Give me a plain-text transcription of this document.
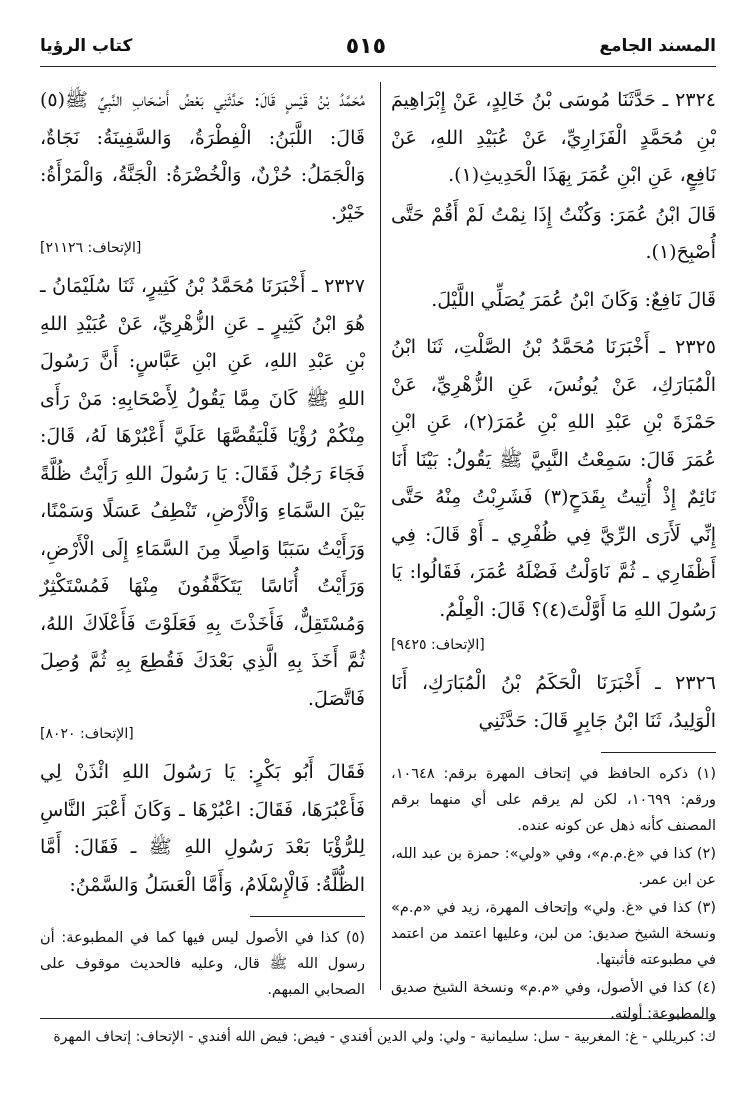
المسند الجامع
٥١٥
كتاب الرؤيا

٢٣٢٤ ـ حَدَّثَنَا مُوسَى بْنُ خَالِدٍ، عَنْ إِبْرَاهِيمَ بْنِ مُحَمَّدٍ الْفَزَارِيِّ، عَنْ عُبَيْدِ اللهِ، عَنْ نَافِعٍ، عَنِ ابْنِ عُمَرَ بِهَذَا الْحَدِيثِ(١).

قَالَ ابْنُ عُمَرَ: وَكُنْتُ إِذَا نِمْتُ لَمْ أَقُمْ حَتَّى أُصْبِحَ(١).

قَالَ نَافِعٌ: وَكَانَ ابْنُ عُمَرَ يُصَلِّي اللَّيْلَ.

٢٣٢٥ ـ أَخْبَرَنَا مُحَمَّدُ بْنُ الصَّلْتِ، ثَنَا ابْنُ الْمُبَارَكِ، عَنْ يُونُسَ، عَنِ الزُّهْرِيِّ، عَنْ حَمْزَةَ بْنِ عَبْدِ اللهِ بْنِ عُمَرَ(٢)، عَنِ ابْنِ عُمَرَ قَالَ: سَمِعْتُ النَّبِيَّ ﷺ يَقُولُ: بَيْنَا أَنَا نَائِمٌ إِذْ أُتِيتُ بِقَدَحٍ(٣) فَشَرِبْتُ مِنْهُ حَتَّى إِنِّي لَأَرَى الرِّيَّ فِي ظُفْرِي ـ أَوْ قَالَ: فِي أَظْفَارِي ـ ثُمَّ نَاوَلْتُ فَضْلَهُ عُمَرَ، فَقَالُوا: يَا رَسُولَ اللهِ مَا أَوَّلْتَ(٤)؟ قَالَ: الْعِلْمُ.

[الإتحاف: ٩٤٢٥]

٢٣٢٦ ـ أَخْبَرَنَا الْحَكَمُ بْنُ الْمُبَارَكِ، أَنَا الْوَلِيدُ، ثَنَا ابْنُ جَابِرٍ قَالَ: حَدَّثَنِي

(١) ذكره الحافظ في إتحاف المهرة برقم: ١٠٦٤٨، ورقم: ١٠٦٩٩، لكن لم يرقم على أي منهما برقم المصنف كأنه ذهل عن كونه عنده.

(٢) كذا في «غ.م.م»، وفي «ولي»: حمزة بن عبد الله، عن ابن عمر.

(٣) كذا في «غ. ولي» وإتحاف المهرة، زيد في «م.م» ونسخة الشيخ صديق: من لبن، وعليها اعتمد من اعتمد في مطبوعته فأثبتها.

(٤) كذا في الأصول، وفي «م.م» ونسخة الشيخ صديق والمطبوعة: أولته.

مُحَمَّدُ بْنُ قَيْسٍ قَالَ: حَدَّثَنِي بَعْضُ أَصْحَابِ النَّبِيِّ ﷺ(٥) قَالَ: اللَّبَنُ: الْفِطْرَةُ، وَالسَّفِينَةُ: نَجَاةٌ، وَالْجَمَلُ: حُزْنٌ، وَالْخُضْرَةُ: الْجَنَّةُ، وَالْمَرْأَةُ: خَيْرٌ.

[الإتحاف: ٢١١٢٦]

٢٣٢٧ ـ أَخْبَرَنَا مُحَمَّدُ بْنُ كَثِيرٍ، ثَنَا سُلَيْمَانُ ـ هُوَ ابْنُ كَثِيرٍ ـ عَنِ الزُّهْرِيِّ، عَنْ عُبَيْدِ اللهِ بْنِ عَبْدِ اللهِ، عَنِ ابْنِ عَبَّاسٍ: أَنَّ رَسُولَ اللهِ ﷺ كَانَ مِمَّا يَقُولُ لِأَصْحَابِهِ: مَنْ رَأَى مِنْكُمْ رُؤْيَا فَلْيَقُصَّهَا عَلَيَّ أَعْبُرْهَا لَهُ، قَالَ: فَجَاءَ رَجُلٌ فَقَالَ: يَا رَسُولَ اللهِ رَأَيْتُ ظُلَّةً بَيْنَ السَّمَاءِ وَالْأَرْضِ، تَنْطِفُ عَسَلًا وَسَمْنًا، وَرَأَيْتُ سَبَبًا وَاصِلًا مِنَ السَّمَاءِ إِلَى الْأَرْضِ، وَرَأَيْتُ أُنَاسًا يَتَكَفَّفُونَ مِنْهَا فَمُسْتَكْثِرٌ وَمُسْتَقِلٌّ، فَأَخَذْتَ بِهِ فَعَلَوْتَ فَأَعْلَاكَ اللهُ، ثُمَّ أَخَذَ بِهِ الَّذِي بَعْدَكَ فَقُطِعَ بِهِ ثُمَّ وُصِلَ فَاتَّصَلَ.

[الإتحاف: ٨٠٢٠]

فَقَالَ أَبُو بَكْرٍ: يَا رَسُولَ اللهِ ائْذَنْ لِي فَأَعْبُرَهَا، فَقَالَ: اعْبُرْهَا ـ وَكَانَ أَعْبَرَ النَّاسِ لِلرُّؤْيَا بَعْدَ رَسُولِ اللهِ ﷺ ـ فَقَالَ: أَمَّا الظُّلَّةُ: فَالْإِسْلَامُ، وَأَمَّا الْعَسَلُ وَالسَّمْنُ:

(٥) كذا في الأصول ليس فيها كما في المطبوعة: أن رسول الله ﷺ قال، وعليه فالحديث موقوف على الصحابي المبهم.

ك: كبريللي - غ: المغربية - سل: سليمانية - ولي: ولي الدين أفندي - فيض: فيض الله أفندي - الإتحاف: إتحاف المهرة
